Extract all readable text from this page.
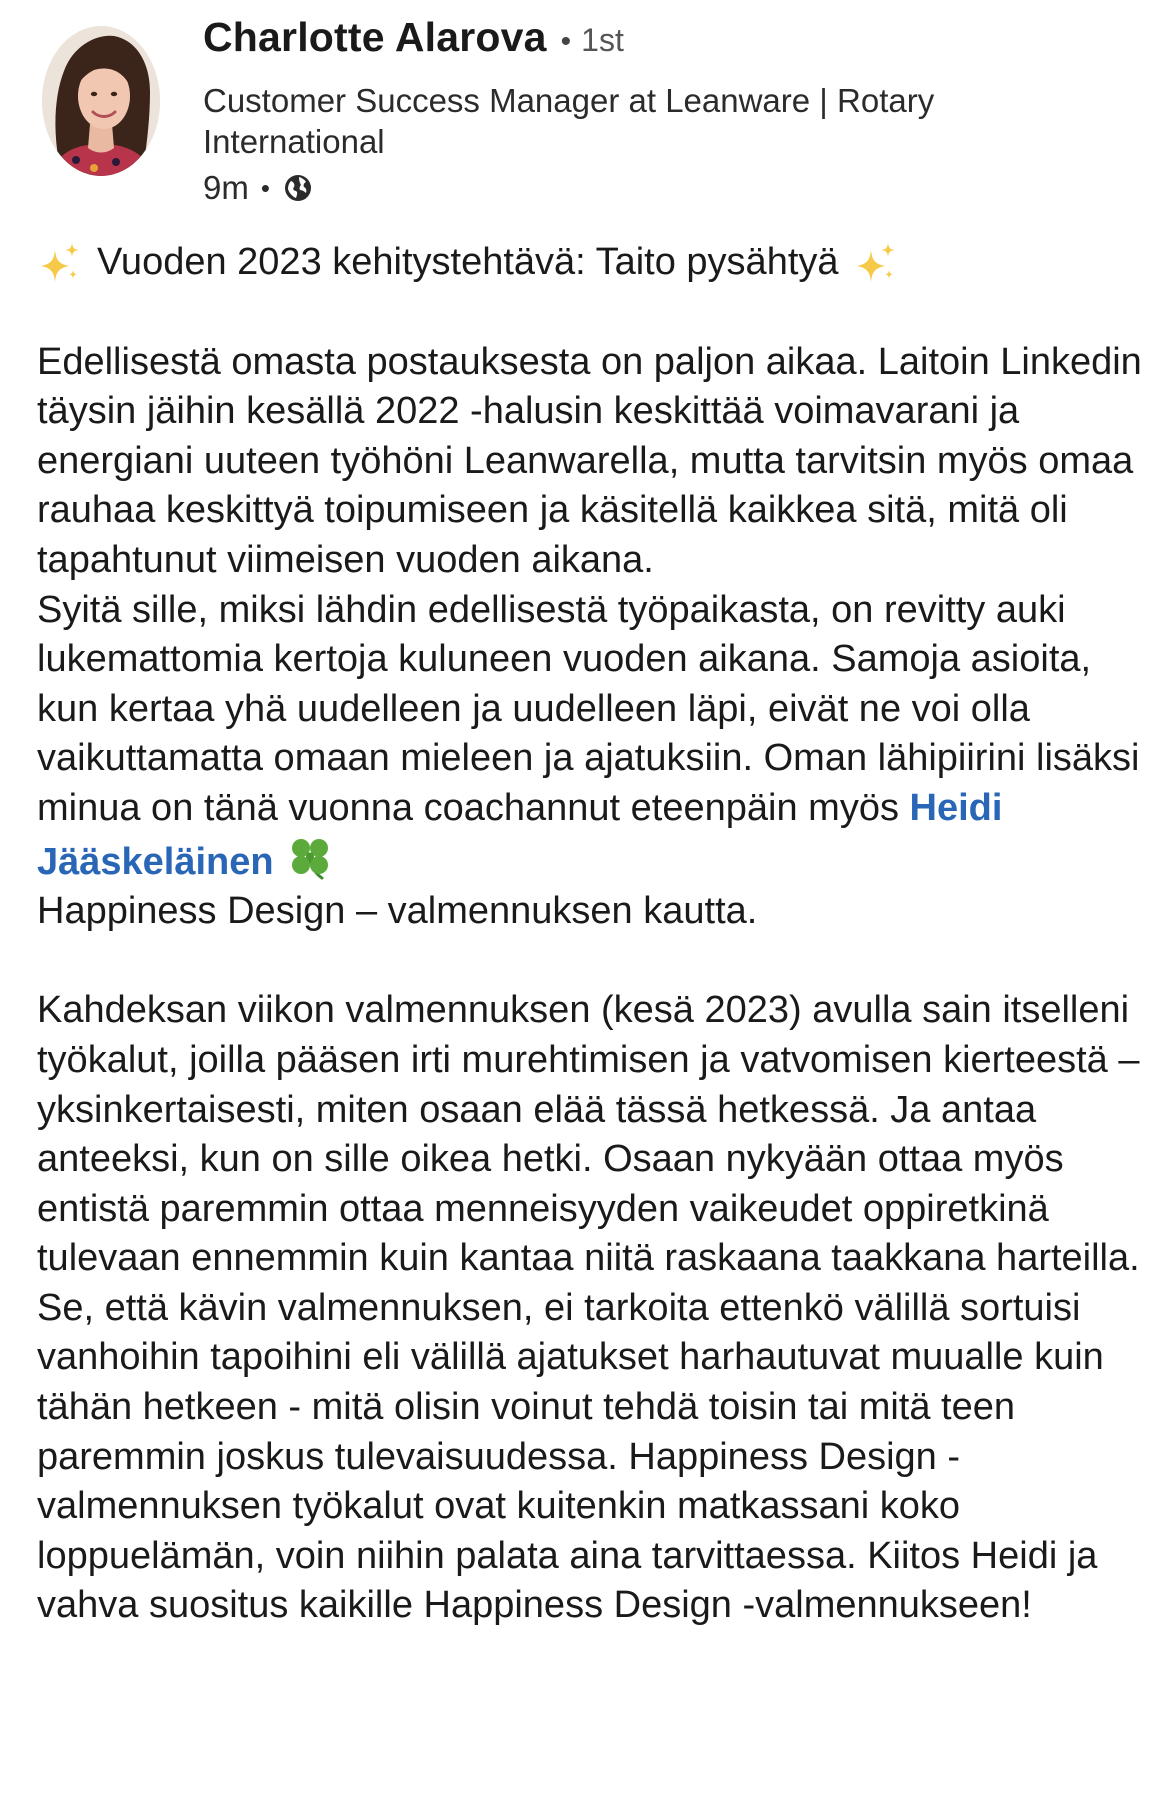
Charlotte Alarova • 1st
Customer Success Manager at Leanware | Rotary International
9m •
Vuoden 2023 kehitystehtävä: Taito pysähtyä

Edellisestä omasta postauksesta on paljon aikaa. Laitoin Linkedin täysin jäihin kesällä 2022 -halusin keskittää voimavarani ja energiani uuteen työhöni Leanwarella, mutta tarvitsin myös omaa rauhaa keskittyä toipumiseen ja käsitellä kaikkea sitä, mitä oli tapahtunut viimeisen vuoden aikana.

Syitä sille, miksi lähdin edellisestä työpaikasta, on revitty auki lukemattomia kertoja kuluneen vuoden aikana. Samoja asioita, kun kertaa yhä uudelleen ja uudelleen läpi, eivät ne voi olla vaikuttamatta omaan mieleen ja ajatuksiin. Oman lähipiirini lisäksi minua on tänä vuonna coachannut eteenpäin myös Heidi Jääskeläinen

Happiness Design – valmennuksen kautta.

Kahdeksan viikon valmennuksen (kesä 2023) avulla sain itselleni työkalut, joilla pääsen irti murehtimisen ja vatvomisen kierteestä – yksinkertaisesti, miten osaan elää tässä hetkessä. Ja antaa anteeksi, kun on sille oikea hetki. Osaan nykyään ottaa myös entistä paremmin ottaa menneisyyden vaikeudet oppiretkinä tulevaan ennemmin kuin kantaa niitä raskaana taakkana harteilla. Se, että kävin valmennuksen, ei tarkoita ettenkö välillä sortuisi vanhoihin tapoihini eli välillä ajatukset harhautuvat muualle kuin tähän hetkeen - mitä olisin voinut tehdä toisin tai mitä teen paremmin joskus tulevaisuudessa. Happiness Design -valmennuksen työkalut ovat kuitenkin matkassani koko loppuelämän, voin niihin palata aina tarvittaessa. Kiitos Heidi ja vahva suositus kaikille Happiness Design -valmennukseen!
